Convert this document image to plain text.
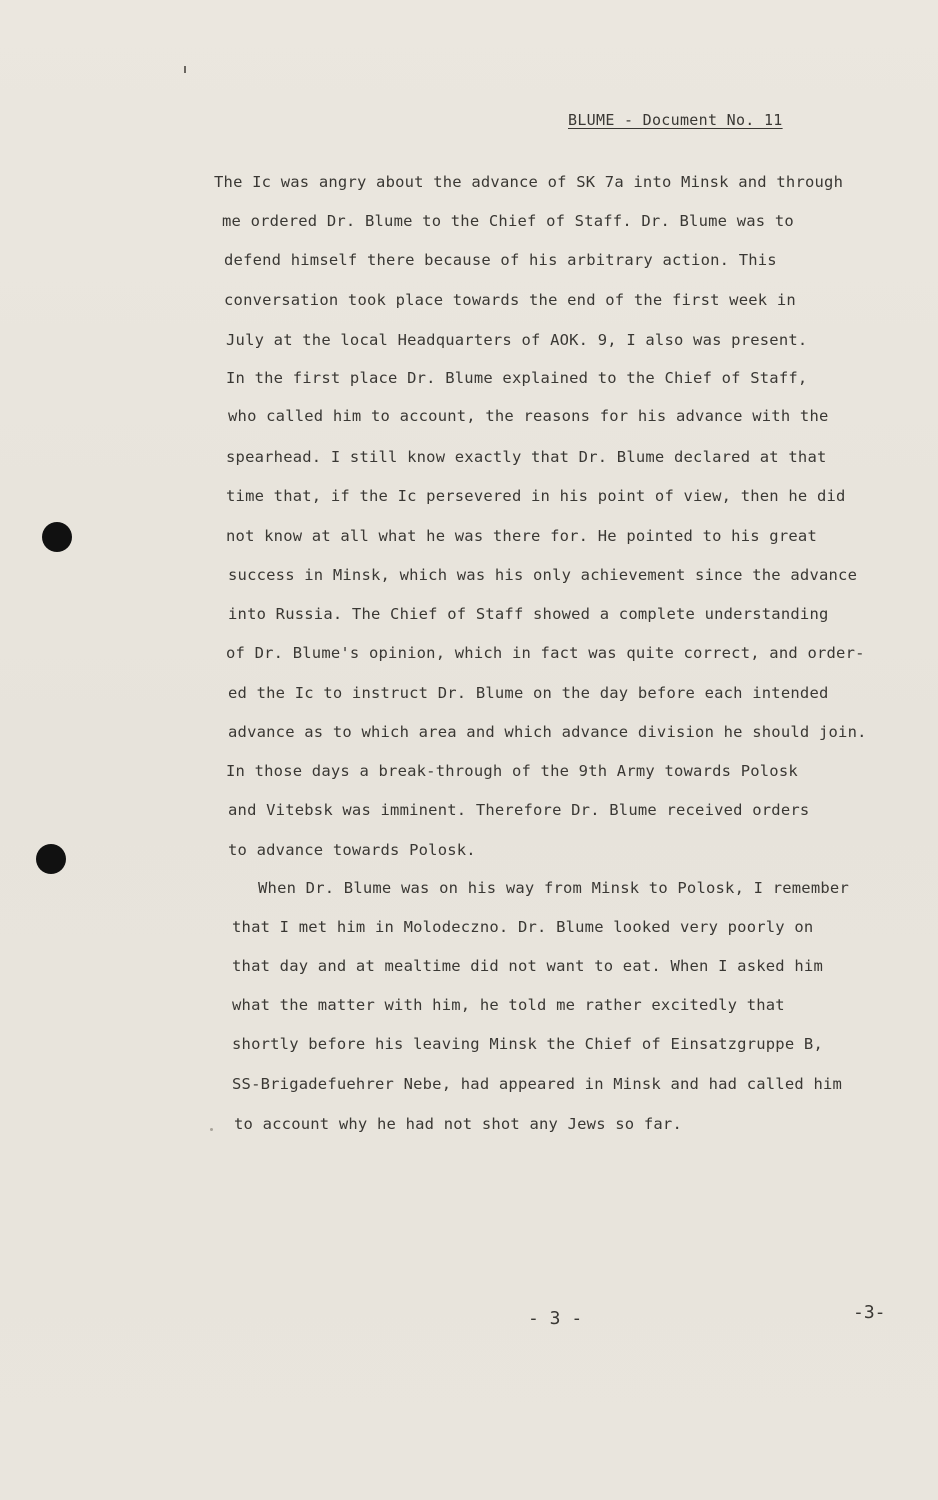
BLUME - Document No. 11
The Ic was angry about the advance of SK 7a into Minsk and through
me ordered Dr. Blume to the Chief of Staff. Dr. Blume was to
defend himself there because of his arbitrary action. This
conversation took place towards the end of the first week in
July at the local Headquarters of AOK. 9, I also was present.
In the first place Dr. Blume explained to the Chief of Staff,
who called him to account, the reasons for his advance with the
spearhead. I still know exactly that Dr. Blume declared at that
time that, if the Ic persevered in his point of view, then he did
not know at all what he was there for. He pointed to his great
success in Minsk, which was his only achievement since the advance
into Russia. The Chief of Staff showed a complete understanding
of Dr. Blume's opinion, which in fact was quite correct, and order-
ed the Ic to instruct Dr. Blume on the day before each intended
advance as to which area and which advance division he should join.
In those days a break-through of the 9th Army towards Polosk
and Vitebsk was imminent. Therefore Dr. Blume received orders
to advance towards Polosk.
When Dr. Blume was on his way from Minsk to Polosk, I remember
that I met him in Molodeczno. Dr. Blume looked very poorly on
that day and at mealtime did not want to eat. When I asked him
what the matter with him, he told me rather excitedly that
shortly before his leaving Minsk the Chief of Einsatzgruppe B,
SS-Brigadefuehrer Nebe, had appeared in Minsk and had called him
to account why he had not shot any Jews so far.
- 3 -	-3-
